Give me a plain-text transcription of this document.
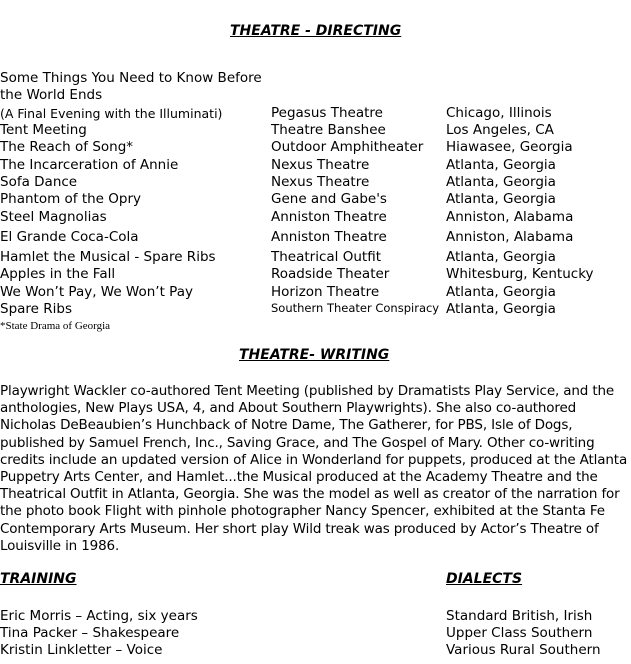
THEATRE - DIRECTING
Some Things You Need to Know Before
the World Ends
(A Final Evening with the Illuminati)
Tent Meeting
The Reach of Song*
The Incarceration of Annie
Sofa Dance
Phantom of the Opry
Steel Magnolias
El Grande Coca-Cola
Hamlet the Musical - Spare Ribs
Apples in the Fall
We Won’t Pay, We Won’t Pay
Spare Ribs
Pegasus Theatre
Theatre Banshee
Outdoor Amphitheater
Nexus Theatre
Nexus Theatre
Gene and Gabe's
Anniston Theatre
Anniston Theatre
Theatrical Outfit
Roadside Theater
Horizon Theatre
Southern Theater Conspiracy
Chicago, Illinois
Los Angeles, CA
Hiawasee, Georgia
Atlanta, Georgia
Atlanta, Georgia
Atlanta, Georgia
Anniston, Alabama
Anniston, Alabama
Atlanta, Georgia
Whitesburg, Kentucky
Atlanta, Georgia
Atlanta, Georgia
*State Drama of Georgia
THEATRE- WRITING
Playwright Wackler co-authored Tent Meeting (published by Dramatists Play Service, and the anthologies, New Plays USA, 4, and About Southern Playwrights). She also co-authored Nicholas DeBeaubien’s Hunchback of Notre Dame, The Gatherer, for PBS, Isle of Dogs, published by Samuel French, Inc., Saving Grace, and The Gospel of Mary. Other co-writing credits include an updated version of Alice in Wonderland for puppets, produced at the Atlanta Puppetry Arts Center, and Hamlet...the Musical produced at the Academy Theatre and the Theatrical Outfit in Atlanta, Georgia. She was the model as well as creator of the narration for the photo book Flight with pinhole photographer Nancy Spencer, exhibited at the Stanta Fe Contemporary Arts Museum. Her short play Wild treak was produced by Actor’s Theatre of Louisville in 1986.
TRAINING
Eric Morris – Acting, six years
Tina Packer – Shakespeare
Kristin Linkletter – Voice
DIALECTS
Standard British, Irish
Upper Class Southern
Various Rural Southern
